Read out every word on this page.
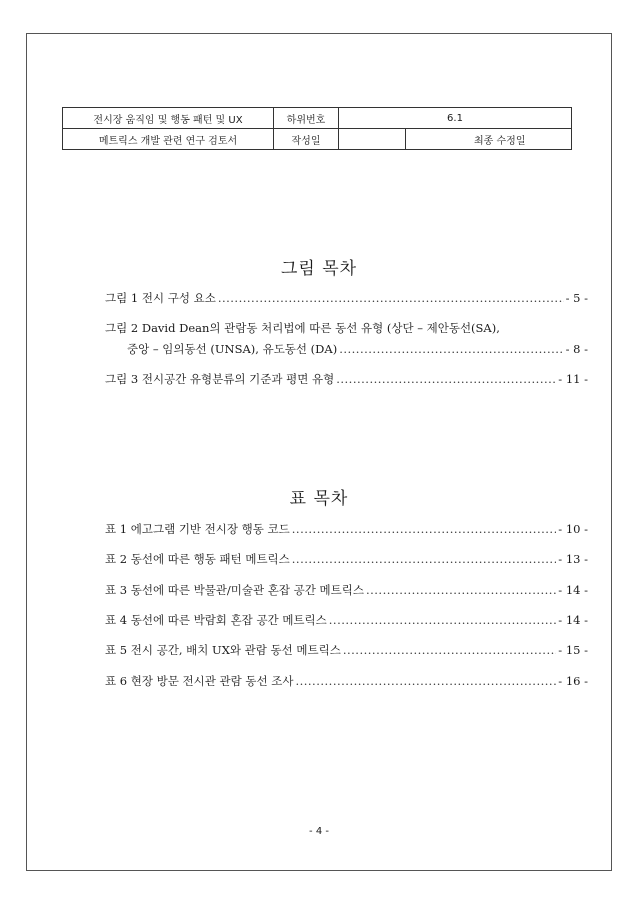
전시장 움직임 및 행동 패턴 및 UX	하위번호	6.1	
메트릭스 개발 관련 연구 검토서	작성일		최종 수정일
그림 목차
그림 1 전시 구성 요소 .....	- 5 -
그림 2 David Dean의 관람동 처리법에 따른 동선 유형 (상단 – 제안동선(SA),
중앙 – 임의동선 (UNSA), 유도동선 (DA) .....	- 8 -
그림 3 전시공간 유형분류의 기준과 평면 유형 .....	- 11 -
표 목차
표 1 에고그램 기반 전시장 행동 코드 .....	- 10 -
표 2 동선에 따른 행동 패턴 메트릭스 .....	- 13 -
표 3 동선에 따른 박물관/미술관 혼잡 공간 메트릭스 .....	- 14 -
표 4 동선에 따른 박람회 혼잡 공간 메트릭스 .....	- 14 -
표 5 전시 공간, 배치 UX와 관람 동선 메트릭스 .....	- 15 -
표 6 현장 방문 전시관 관람 동선 조사 .....	- 16 -
- 4 -
